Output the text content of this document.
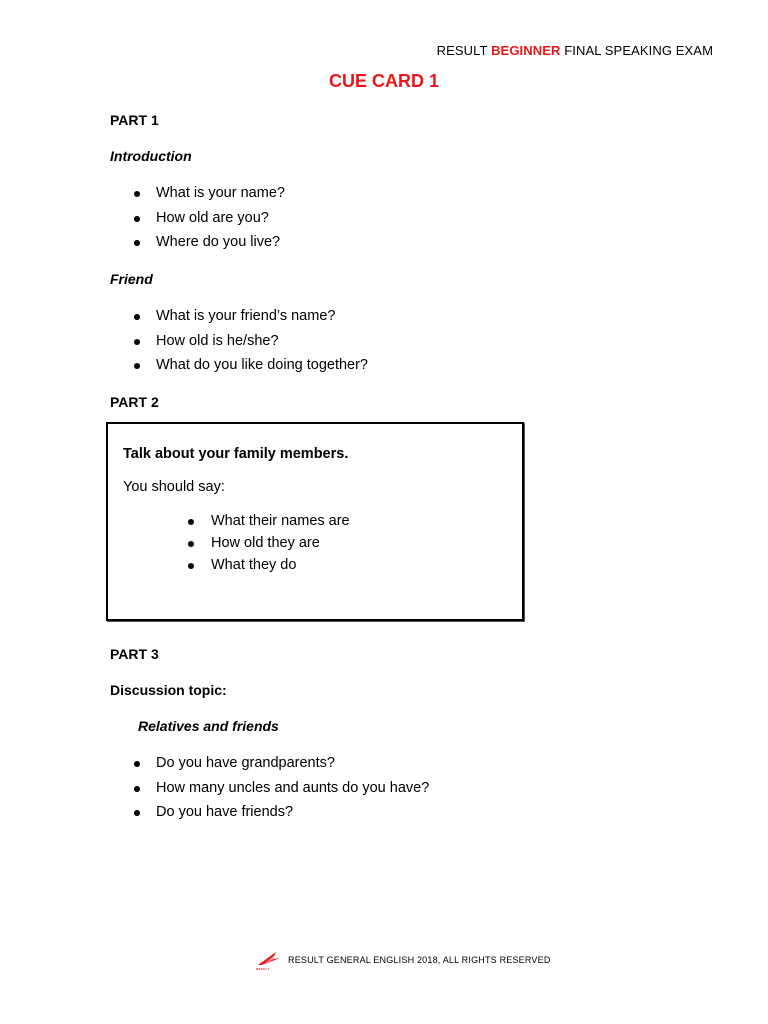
RESULT BEGINNER FINAL SPEAKING EXAM
CUE CARD 1
PART 1
Introduction
What is your name?
How old are you?
Where do you live?
Friend
What is your friend’s name?
How old is he/she?
What do you like doing together?
PART 2
Talk about your family members.
You should say:
What their names are
How old they are
What they do
PART 3
Discussion topic:
Relatives and friends
Do you have grandparents?
How many uncles and aunts do you have?
Do you have friends?
RESULT
RESULT GENERAL ENGLISH 2018, ALL RIGHTS RESERVED
